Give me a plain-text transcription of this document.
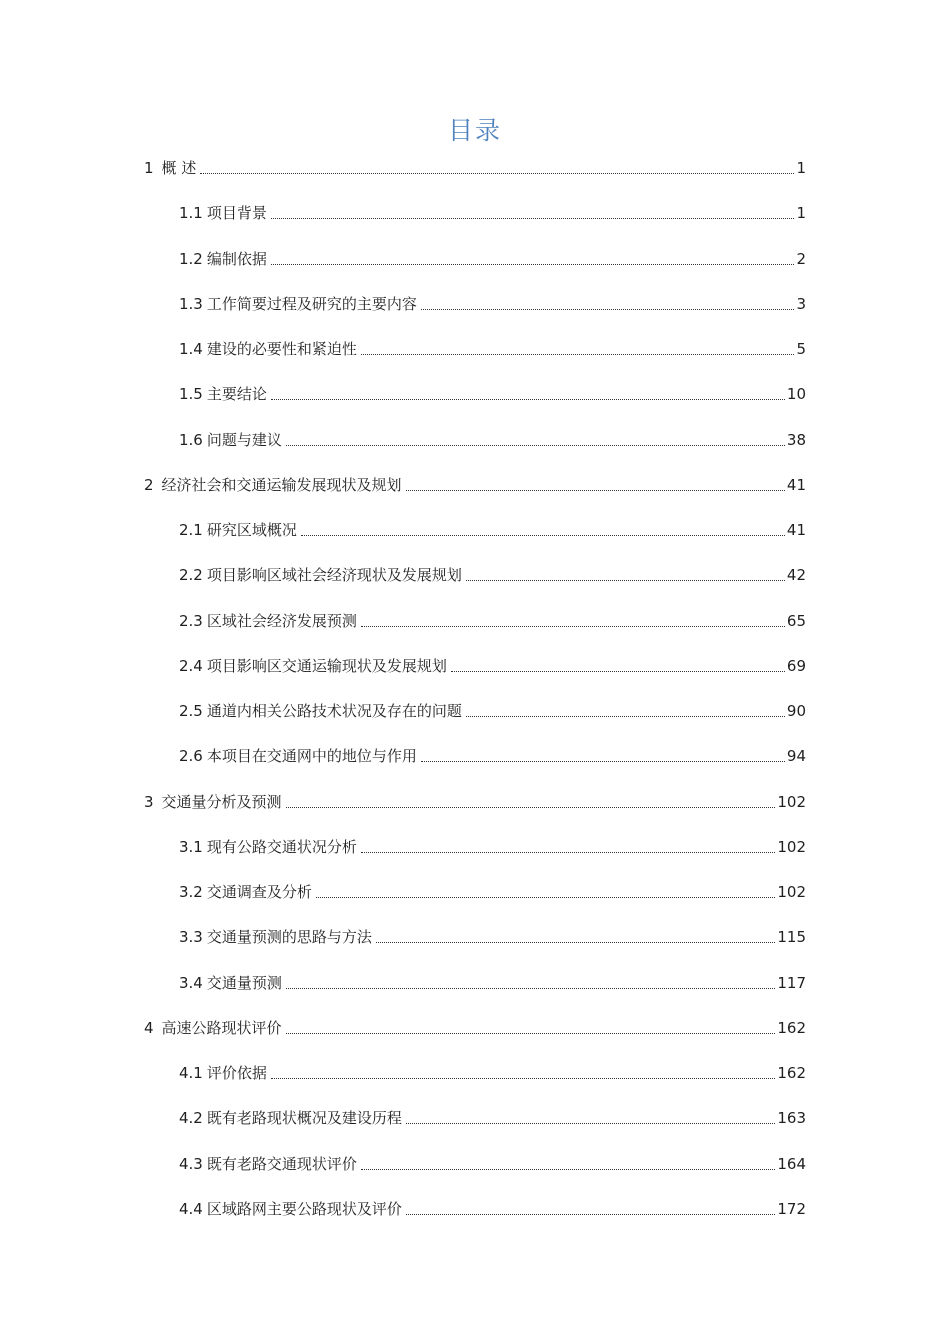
目录
1 概 述	1
1.1 项目背景	1
1.2 编制依据	2
1.3 工作简要过程及研究的主要内容	3
1.4 建设的必要性和紧迫性	5
1.5 主要结论	10
1.6 问题与建议	38
2 经济社会和交通运输发展现状及规划	41
2.1 研究区域概况	41
2.2 项目影响区域社会经济现状及发展规划	42
2.3 区域社会经济发展预测	65
2.4 项目影响区交通运输现状及发展规划	69
2.5 通道内相关公路技术状况及存在的问题	90
2.6 本项目在交通网中的地位与作用	94
3 交通量分析及预测	102
3.1 现有公路交通状况分析	102
3.2 交通调查及分析	102
3.3 交通量预测的思路与方法	115
3.4 交通量预测	117
4 高速公路现状评价	162
4.1 评价依据	162
4.2 既有老路现状概况及建设历程	163
4.3 既有老路交通现状评价	164
4.4 区域路网主要公路现状及评价	172
